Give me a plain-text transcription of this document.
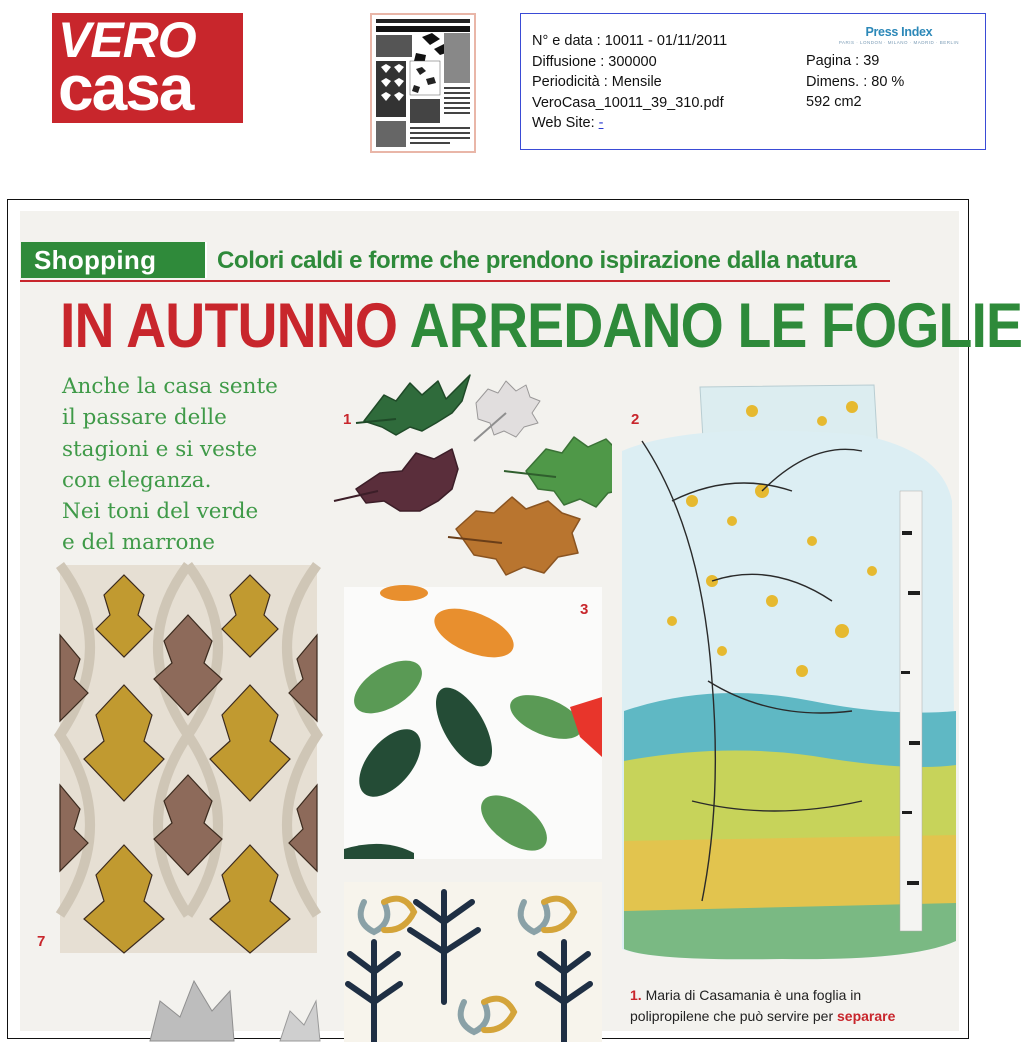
VERO
casa
N° e data : 10011 - 01/11/2011
Diffusione : 300000
Periodicità : Mensile
VeroCasa_10011_39_310.pdf
Web Site: -
Pagina : 39
Dimens. : 80 %
592 cm2
Press Index
PARIS · LONDON · MILANO · MADRID · BERLIN
Shopping	Colori caldi e forme che prendono ispirazione dalla natura
IN AUTUNNO ARREDANO LE FOGLIE
Anche la casa sente
il passare delle
stagioni e si veste
con eleganza.
Nei toni del verde
e del marrone
1	2
3
7
1. Maria di Casamania è una foglia in
polipropilene che può servire per separare
